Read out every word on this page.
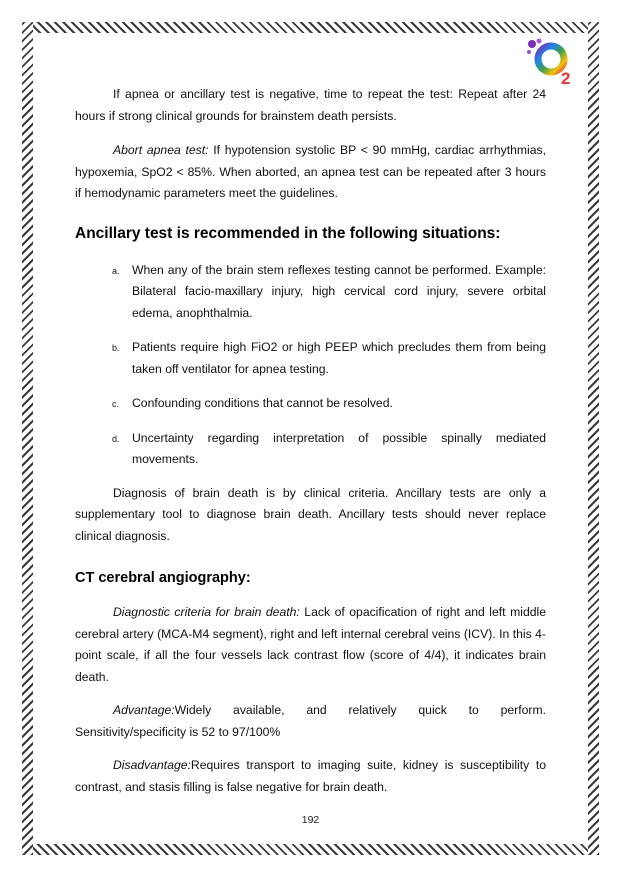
2

If apnea or ancillary test is negative, time to repeat the test: Repeat after 24 hours if strong clinical grounds for brainstem death persists.

Abort apnea test: If hypotension systolic BP < 90 mmHg, cardiac arrhythmias, hypoxemia, SpO2 < 85%. When aborted, an apnea test can be repeated after 3 hours if hemodynamic parameters meet the guidelines.

Ancillary test is recommended in the following situations:
a. When any of the brain stem reflexes testing cannot be performed. Example: Bilateral facio-maxillary injury, high cervical cord injury, severe orbital edema, anophthalmia.
b. Patients require high FiO2 or high PEEP which precludes them from being taken off ventilator for apnea testing.
c. Confounding conditions that cannot be resolved.
d. Uncertainty regarding interpretation of possible spinally mediated movements.

Diagnosis of brain death is by clinical criteria. Ancillary tests are only a supplementary tool to diagnose brain death. Ancillary tests should never replace clinical diagnosis.

CT cerebral angiography:

Diagnostic criteria for brain death: Lack of opacification of right and left middle cerebral artery (MCA-M4 segment), right and left internal cerebral veins (ICV). In this 4-point scale, if all the four vessels lack contrast flow (score of 4/4), it indicates brain death.

Advantage:Widely available, and relatively quick to perform. Sensitivity/specificity is 52 to 97/100%

Disadvantage:Requires transport to imaging suite, kidney is susceptibility to contrast, and stasis filling is false negative for brain death.

192
